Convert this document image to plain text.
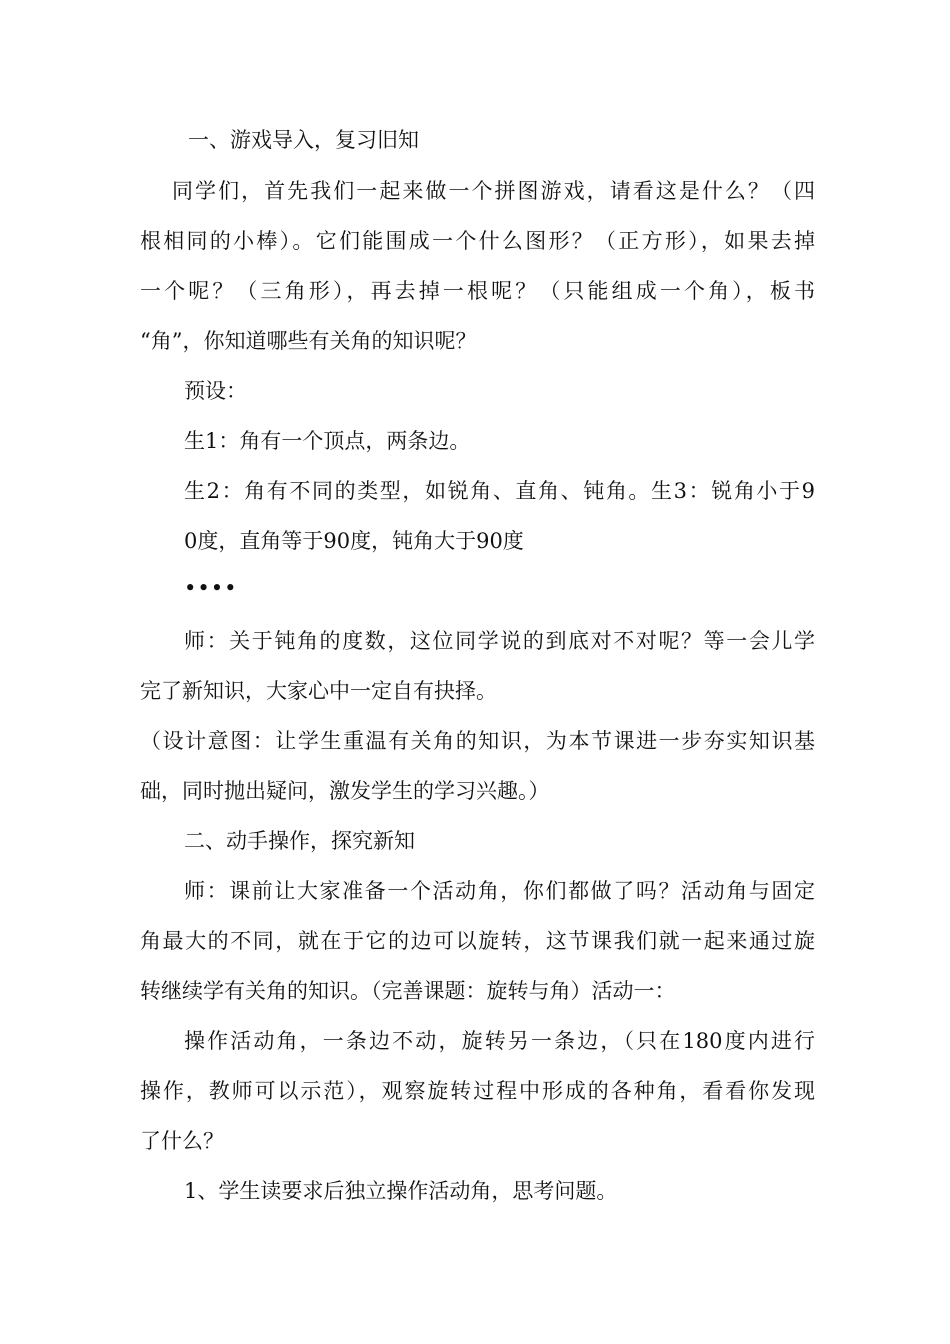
一、游戏导入，复习旧知

同学们，首先我们一起来做一个拼图游戏，请看这是什么？（四

根相同的小棒）。它们能围成一个什么图形？（正方形），如果去掉

一个呢？（三角形），再去掉一根呢？（只能组成一个角），板书

“角”，你知道哪些有关角的知识呢？

预设：

生1：角有一个顶点，两条边。

生2：角有不同的类型，如锐角、直角、钝角。生3：锐角小于9

0度，直角等于90度，钝角大于90度

••••

师：关于钝角的度数，这位同学说的到底对不对呢？等一会儿学

完了新知识，大家心中一定自有抉择。

（设计意图：让学生重温有关角的知识，为本节课进一步夯实知识基

础，同时抛出疑问，激发学生的学习兴趣。）

二、动手操作，探究新知

师：课前让大家准备一个活动角，你们都做了吗？活动角与固定

角最大的不同，就在于它的边可以旋转，这节课我们就一起来通过旋

转继续学有关角的知识。（完善课题：旋转与角）活动一：

操作活动角，一条边不动，旋转另一条边，（只在180度内进行

操作，教师可以示范），观察旋转过程中形成的各种角，看看你发现

了什么？

1、学生读要求后独立操作活动角，思考问题。
